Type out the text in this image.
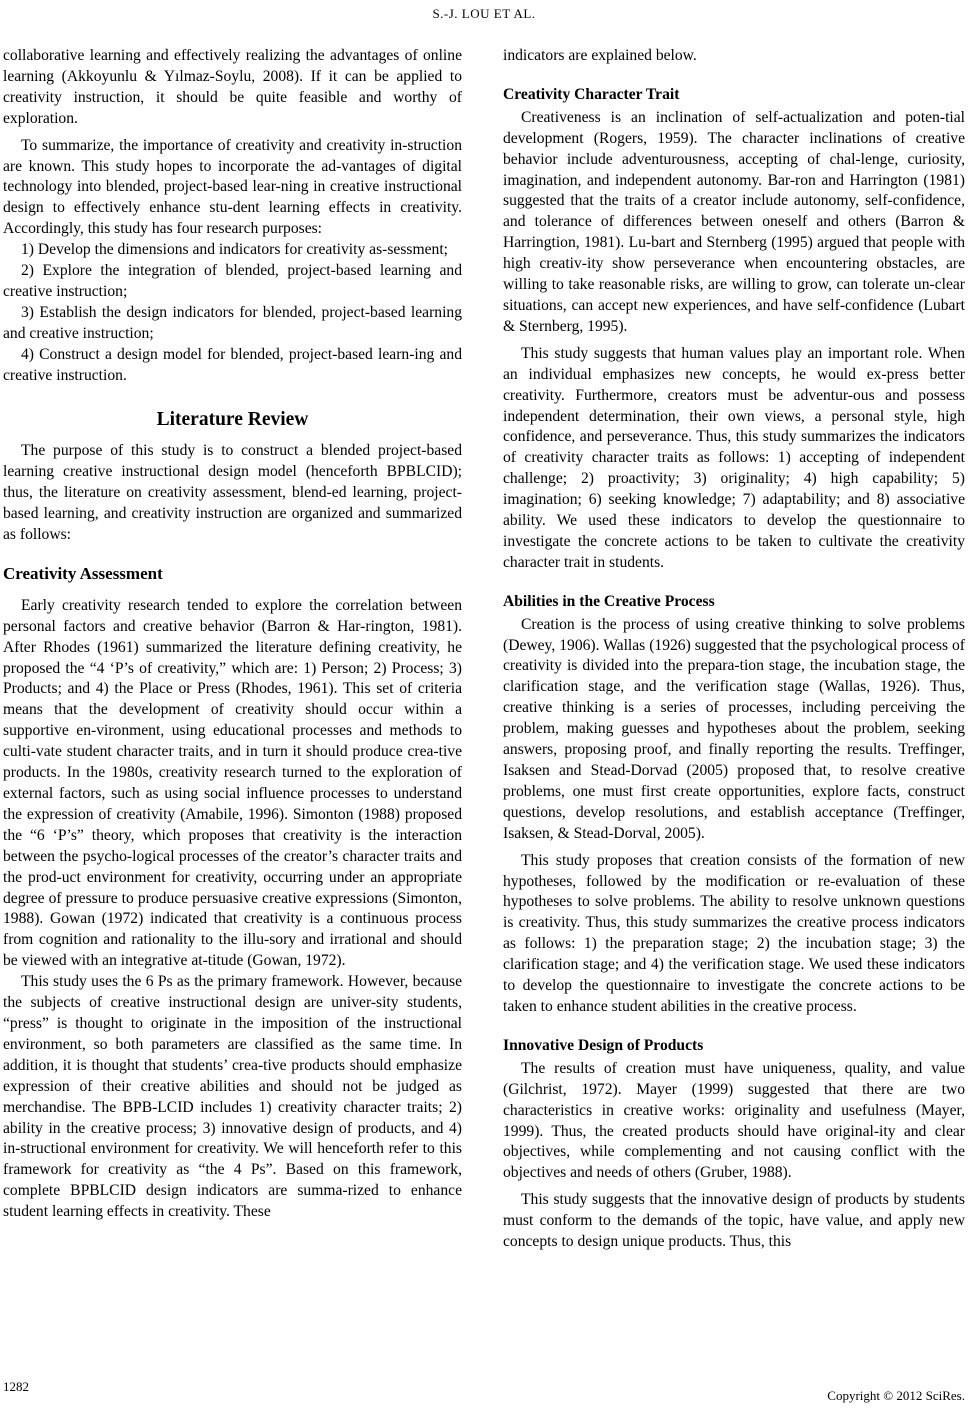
S.-J. LOU ET AL.

collaborative learning and effectively realizing the advantages of online learning (Akkoyunlu & Yılmaz-Soylu, 2008). If it can be applied to creativity instruction, it should be quite feasible and worthy of exploration.

To summarize, the importance of creativity and creativity in-struction are known. This study hopes to incorporate the ad-vantages of digital technology into blended, project-based lear-ning in creative instructional design to effectively enhance stu-dent learning effects in creativity. Accordingly, this study has four research purposes:

1) Develop the dimensions and indicators for creativity as-sessment;

2) Explore the integration of blended, project-based learning and creative instruction;

3) Establish the design indicators for blended, project-based learning and creative instruction;

4) Construct a design model for blended, project-based learn-ing and creative instruction.

Literature Review

The purpose of this study is to construct a blended project-based learning creative instructional design model (henceforth BPBLCID); thus, the literature on creativity assessment, blend-ed learning, project-based learning, and creativity instruction are organized and summarized as follows:

Creativity Assessment

Early creativity research tended to explore the correlation between personal factors and creative behavior (Barron & Har-rington, 1981). After Rhodes (1961) summarized the literature defining creativity, he proposed the “4 ‘P’s of creativity,” which are: 1) Person; 2) Process; 3) Products; and 4) the Place or Press (Rhodes, 1961). This set of criteria means that the development of creativity should occur within a supportive en-vironment, using educational processes and methods to culti-vate student character traits, and in turn it should produce crea-tive products. In the 1980s, creativity research turned to the exploration of external factors, such as using social influence processes to understand the expression of creativity (Amabile, 1996). Simonton (1988) proposed the “6 ‘P’s” theory, which proposes that creativity is the interaction between the psycho-logical processes of the creator’s character traits and the prod-uct environment for creativity, occurring under an appropriate degree of pressure to produce persuasive creative expressions (Simonton, 1988). Gowan (1972) indicated that creativity is a continuous process from cognition and rationality to the illu-sory and irrational and should be viewed with an integrative at-titude (Gowan, 1972).

This study uses the 6 Ps as the primary framework. However, because the subjects of creative instructional design are univer-sity students, “press” is thought to originate in the imposition of the instructional environment, so both parameters are classified as the same time. In addition, it is thought that students’ crea-tive products should emphasize expression of their creative abilities and should not be judged as merchandise. The BPB-LCID includes 1) creativity character traits; 2) ability in the creative process; 3) innovative design of products, and 4) in-structional environment for creativity. We will henceforth refer to this framework for creativity as “the 4 Ps”. Based on this framework, complete BPBLCID design indicators are summa-rized to enhance student learning effects in creativity. These

indicators are explained below.

Creativity Character Trait

Creativeness is an inclination of self-actualization and poten-tial development (Rogers, 1959). The character inclinations of creative behavior include adventurousness, accepting of chal-lenge, curiosity, imagination, and independent autonomy. Bar-ron and Harrington (1981) suggested that the traits of a creator include autonomy, self-confidence, and tolerance of differences between oneself and others (Barron & Harringtion, 1981). Lu-bart and Sternberg (1995) argued that people with high creativ-ity show perseverance when encountering obstacles, are willing to take reasonable risks, are willing to grow, can tolerate un-clear situations, can accept new experiences, and have self-confidence (Lubart & Sternberg, 1995).

This study suggests that human values play an important role. When an individual emphasizes new concepts, he would ex-press better creativity. Furthermore, creators must be adventur-ous and possess independent determination, their own views, a personal style, high confidence, and perseverance. Thus, this study summarizes the indicators of creativity character traits as follows: 1) accepting of independent challenge; 2) proactivity; 3) originality; 4) high capability; 5) imagination; 6) seeking knowledge; 7) adaptability; and 8) associative ability. We used these indicators to develop the questionnaire to investigate the concrete actions to be taken to cultivate the creativity character trait in students.

Abilities in the Creative Process

Creation is the process of using creative thinking to solve problems (Dewey, 1906). Wallas (1926) suggested that the psychological process of creativity is divided into the prepara-tion stage, the incubation stage, the clarification stage, and the verification stage (Wallas, 1926). Thus, creative thinking is a series of processes, including perceiving the problem, making guesses and hypotheses about the problem, seeking answers, proposing proof, and finally reporting the results. Treffinger, Isaksen and Stead-Dorvad (2005) proposed that, to resolve creative problems, one must first create opportunities, explore facts, construct questions, develop resolutions, and establish acceptance (Treffinger, Isaksen, & Stead-Dorval, 2005).

This study proposes that creation consists of the formation of new hypotheses, followed by the modification or re-evaluation of these hypotheses to solve problems. The ability to resolve unknown questions is creativity. Thus, this study summarizes the creative process indicators as follows: 1) the preparation stage; 2) the incubation stage; 3) the clarification stage; and 4) the verification stage. We used these indicators to develop the questionnaire to investigate the concrete actions to be taken to enhance student abilities in the creative process.

Innovative Design of Products

The results of creation must have uniqueness, quality, and value (Gilchrist, 1972). Mayer (1999) suggested that there are two characteristics in creative works: originality and usefulness (Mayer, 1999). Thus, the created products should have original-ity and clear objectives, while complementing and not causing conflict with the objectives and needs of others (Gruber, 1988).

This study suggests that the innovative design of products by students must conform to the demands of the topic, have value, and apply new concepts to design unique products. Thus, this

1282
Copyright © 2012 SciRes.
